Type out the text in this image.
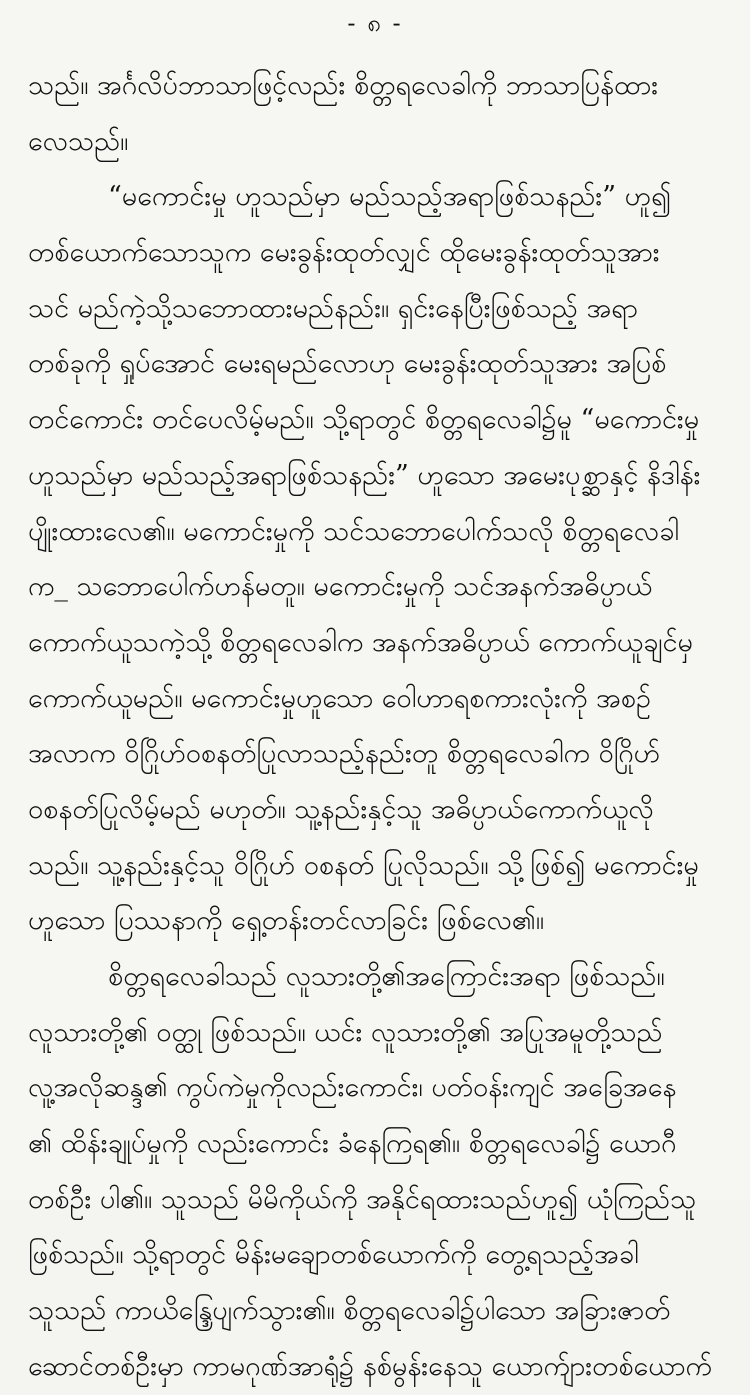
- ၈ -
သည်။ အင်္ဂလိပ်ဘာသာဖြင့်လည်း စိတ္တရလေခါကို ဘာသာပြန်ထား
လေသည်။
“မကောင်းမှု ဟူသည်မှာ မည်သည့်အရာဖြစ်သနည်း” ဟူ၍
တစ်ယောက်သောသူက မေးခွန်းထုတ်လျှင် ထိုမေးခွန်းထုတ်သူအား
သင် မည်ကဲ့သို့သဘောထားမည်နည်း။ ရှင်းနေပြီးဖြစ်သည့် အရာ
တစ်ခုကို ရှုပ်အောင် မေးရမည်လောဟု မေးခွန်းထုတ်သူအား အပြစ်
တင်ကောင်း တင်ပေလိမ့်မည်။ သို့ရာတွင် စိတ္တရလေခါ၌မူ “မကောင်းမှု
ဟူသည်မှာ မည်သည့်အရာဖြစ်သနည်း” ဟူသော အမေးပုစ္ဆာနှင့် နိဒါန်း
ပျိုးထားလေ၏။ မကောင်းမှုကို သင်သဘောပေါက်သလို စိတ္တရလေခါ
က_ သဘောပေါက်ဟန်မတူ။ မကောင်းမှုကို သင်အနက်အဓိပ္ပာယ်
ကောက်ယူသကဲ့သို့ စိတ္တရလေခါက အနက်အဓိပ္ပာယ် ကောက်ယူချင်မှ
ကောက်ယူမည်။ မကောင်းမှုဟူသော ဝေါဟာရစကားလုံးကို အစဉ်
အလာက ဝိဂြိုဟ်ဝစနတ်ပြုလာသည့်နည်းတူ စိတ္တရလေခါက ဝိဂြိုဟ်
ဝစနတ်ပြုလိမ့်မည် မဟုတ်။ သူ့နည်းနှင့်သူ အဓိပ္ပာယ်ကောက်ယူလို
သည်။ သူ့နည်းနှင့်သူ ဝိဂြိုဟ် ဝစနတ် ပြုလိုသည်။ သို့ဖြစ်၍ မကောင်းမှု
ဟူသော ပြဿနာကို ရှေ့တန်းတင်လာခြင်း ဖြစ်လေ၏။
စိတ္တရလေခါသည် လူသားတို့၏အကြောင်းအရာ ဖြစ်သည်။
လူသားတို့၏ ဝတ္ထု ဖြစ်သည်။ ယင်း လူသားတို့၏ အပြုအမူတို့သည်
လူ့အလိုဆန္ဒ၏ ကွပ်ကဲမှုကိုလည်းကောင်း၊ ပတ်ဝန်းကျင် အခြေအနေ
၏ ထိန်းချုပ်မှုကို လည်းကောင်း ခံနေကြရ၏။ စိတ္တရလေခါ၌ ယောဂီ
တစ်ဦး ပါ၏။ သူသည် မိမိကိုယ်ကို အနိုင်ရထားသည်ဟူ၍ ယုံကြည်သူ
ဖြစ်သည်။ သို့ရာတွင် မိန်းမချောတစ်ယောက်ကို တွေ့ရသည့်အခါ
သူသည် ကာယိန္ဒြေပျက်သွား၏။ စိတ္တရလေခါ၌ပါသော အခြားဇာတ်
ဆောင်တစ်ဦးမှာ ကာမဂုဏ်အာရုံ၌ နစ်မွန်းနေသူ ယောက်ျားတစ်ယောက်
